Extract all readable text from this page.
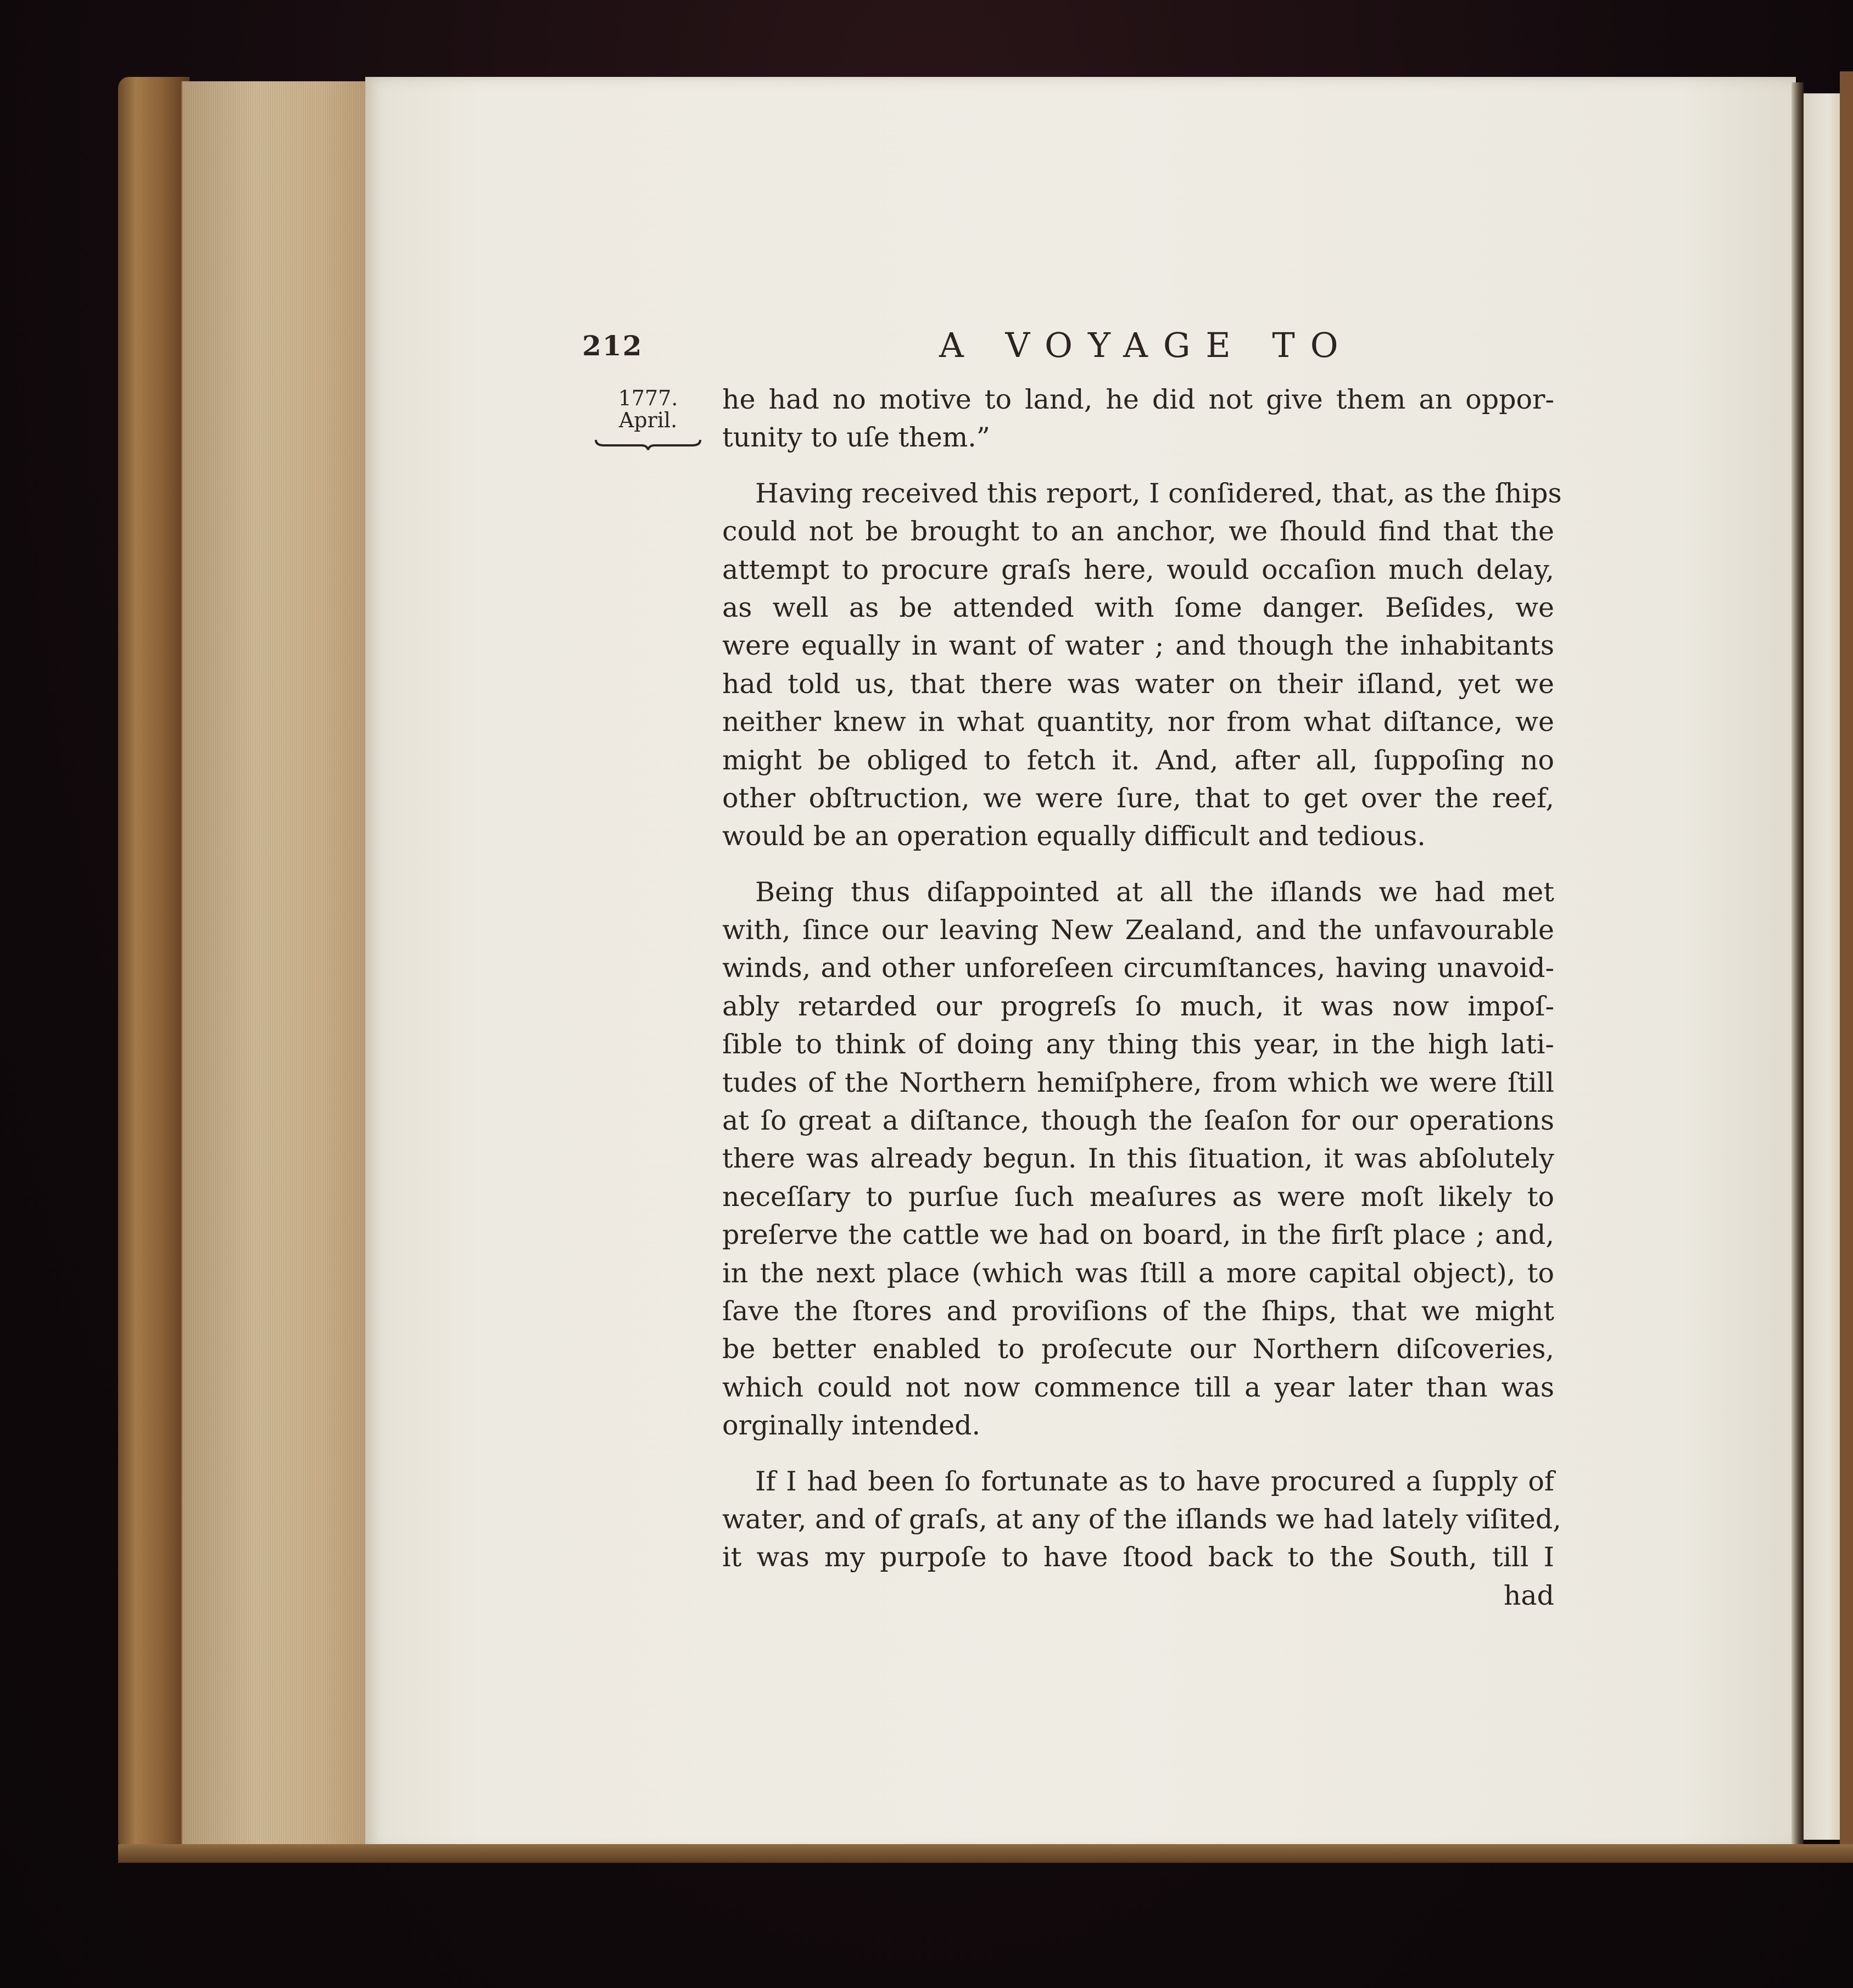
212	A VOYAGE TO
1777.
April.
he had no motive to land, he did not give them an oppor-
tunity to uſe them.”
Having received this report, I conſidered, that, as the ſhips
could not be brought to an anchor, we ſhould find that the
attempt to procure graſs here, would occaſion much delay,
as well as be attended with ſome danger. Beſides, we
were equally in want of water ; and though the inhabitants
had told us, that there was water on their iſland, yet we
neither knew in what quantity, nor from what diſtance, we
might be obliged to fetch it. And, after all, ſuppoſing no
other obſtruction, we were ſure, that to get over the reef,
would be an operation equally difficult and tedious.
Being thus diſappointed at all the iſlands we had met
with, ſince our leaving New Zealand, and the unfavourable
winds, and other unforeſeen circumſtances, having unavoid-
ably retarded our progreſs ſo much, it was now impoſ-
ſible to think of doing any thing this year, in the high lati-
tudes of the Northern hemiſphere, from which we were ſtill
at ſo great a diſtance, though the ſeaſon for our operations
there was already begun. In this ſituation, it was abſolutely
neceſſary to purſue ſuch meaſures as were moſt likely to
preſerve the cattle we had on board, in the firſt place ; and,
in the next place (which was ſtill a more capital object), to
ſave the ſtores and proviſions of the ſhips, that we might
be better enabled to proſecute our Northern diſcoveries,
which could not now commence till a year later than was
orginally intended.
If I had been ſo fortunate as to have procured a ſupply of
water, and of graſs, at any of the iſlands we had lately viſited,
it was my purpoſe to have ſtood back to the South, till I
had
